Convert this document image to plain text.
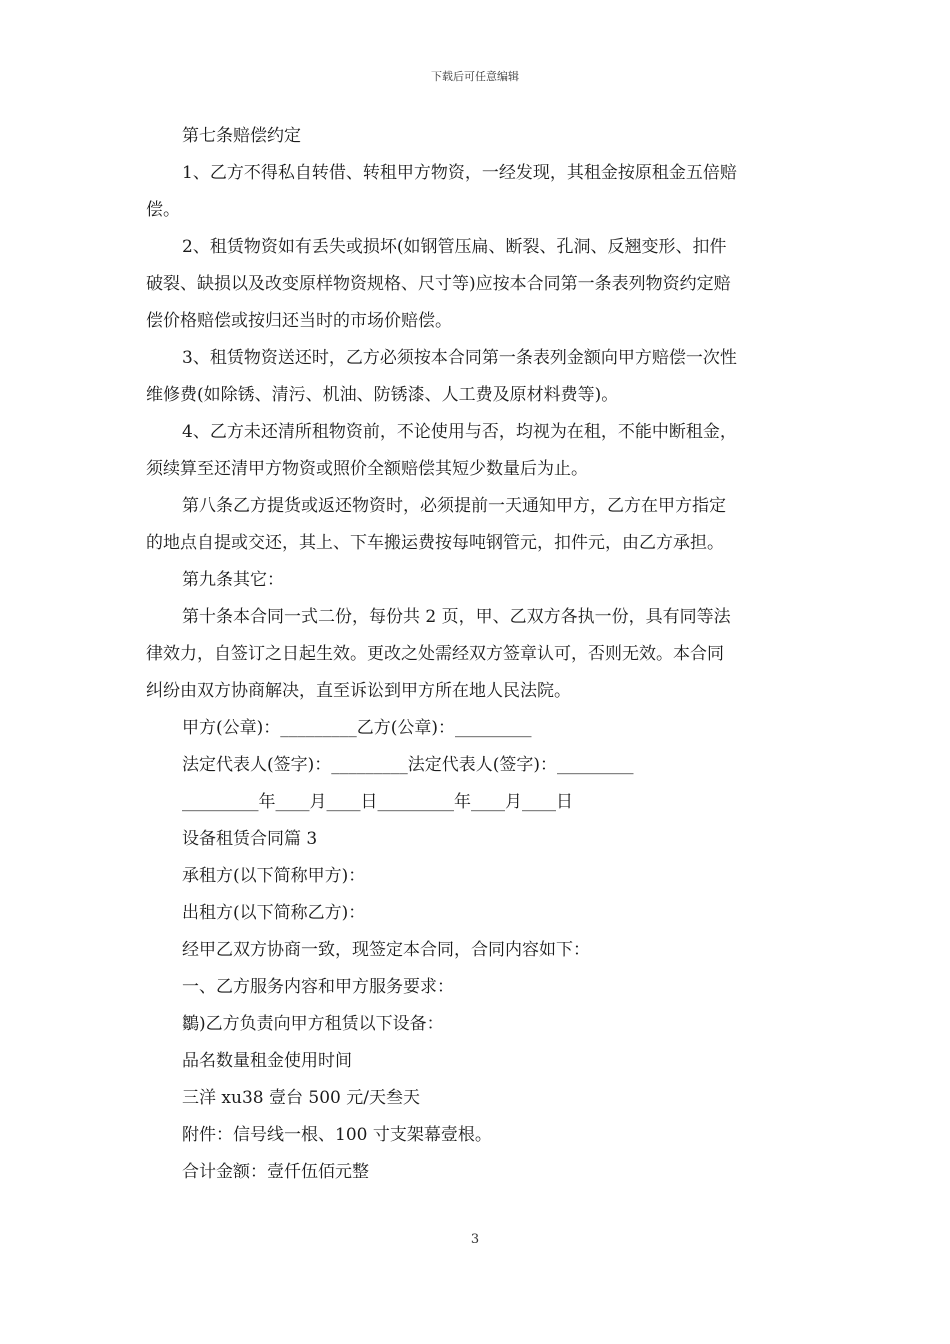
下载后可任意编辑

第七条赔偿约定

1、乙方不得私自转借、转租甲方物资，一经发现，其租金按原租金五倍赔

偿。

2、租赁物资如有丢失或损坏(如钢管压扁、断裂、孔洞、反翘变形、扣件

破裂、缺损以及改变原样物资规格、尺寸等)应按本合同第一条表列物资约定赔

偿价格赔偿或按归还当时的市场价赔偿。

3、租赁物资送还时，乙方必须按本合同第一条表列金额向甲方赔偿一次性

维修费(如除锈、清污、机油、防锈漆、人工费及原材料费等)。

4、乙方未还清所租物资前，不论使用与否，均视为在租，不能中断租金，

须续算至还清甲方物资或照价全额赔偿其短少数量后为止。

第八条乙方提货或返还物资时，必须提前一天通知甲方，乙方在甲方指定

的地点自提或交还，其上、下车搬运费按每吨钢管元，扣件元，由乙方承担。

第九条其它：

第十条本合同一式二份，每份共 2 页，甲、乙双方各执一份，具有同等法

律效力，自签订之日起生效。更改之处需经双方签章认可，否则无效。本合同

纠纷由双方协商解决，直至诉讼到甲方所在地人民法院。

甲方(公章)：_________乙方(公章)：_________

法定代表人(签字)：_________法定代表人(签字)：_________

_________年____月____日_________年____月____日

设备租赁合同篇 3

承租方(以下简称甲方)：

出租方(以下简称乙方)：

经甲乙双方协商一致，现签定本合同，合同内容如下：

一、乙方服务内容和甲方服务要求：

鶵)乙方负责向甲方租赁以下设备：

品名数量租金使用时间

三洋 xu38 壹台 500 元/天叁天

附件：信号线一根、100 寸支架幕壹根。

合计金额：壹仟伍佰元整

3
